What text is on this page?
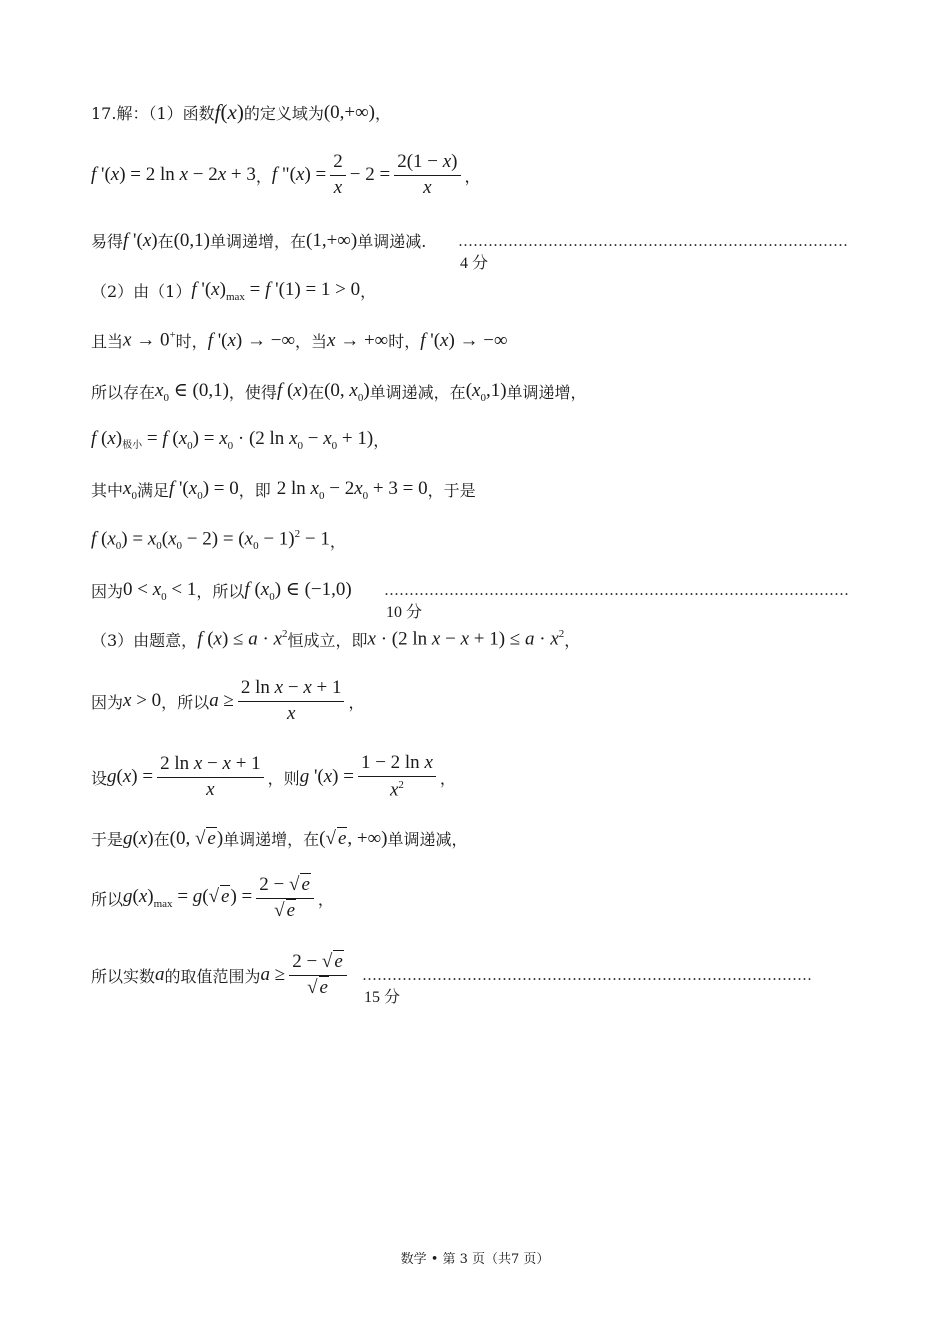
17.解：（1）函数 f(x) 的定义域为 (0,+∞) ，
f '(x) = 2 ln x − 2x + 3 ， f "$(x) = \frac{2}{x} - 2 = \frac{2(1 - x)}{x}$ ，
易得 f '(x) 在 (0,1) 单调递增，在 (1,+∞) 单调递减. ……………………………………………………………………4 分
（2）由（1） f '$(x)_{max} = f$ '(1) = 1 > 0 ，
且当 x → 0+ 时， f '(x) → −∞ ，当 x → +∞ 时， f '(x) → −∞
所以存在 $x_0$ ∈ (0,1) ，使得 f (x) 在 (0, $x_0$) 单调递减，在 $(x_0,1)$ 单调递增，
f $(x)_{极小} = f$ $(x_0) = x_0 \cdot (2$ $\ln x_0 - x_0 + 1$) ，
其中 $x_0$ 满足 f '$(x_0) = 0$ ，即 2 $\ln x_0 - 2x_0 + 3 = 0$ ，于是
f $(x_0) = x_0(x_0 - 2) = (x_0 - 1)^2 - 1$ ，
因为 $0 < x_0 < 1$ ，所以 f $(x_0)$ ∈ (−1,0) …………………………………………………………………………………10 分
（3）由题意， f $(x) \le a \cdot x^2$ 恒成立，即 x · (2 $\ln x - x + 1) \le a \cdot x^2$ ，
因为 x > 0 ，所以 $a \ge \frac{\text{2 ln x − x + 1}}{x}$ ，
设 $g(x) = \frac{\text{2 ln x − x + 1}}{x}$ ，则 g '$(x) = \frac{\text{1 − 2 ln x}}{x^2}$ ，
于是 g(x) 在 (0, √ e) 单调递增，在 (√ e, +∞) 单调递减，
所以 $g(x)_{max} = g(√$ $e) = \frac{2 - √ e}{√ e}$ ，
所以实数 a 的取值范围为 $a \ge \frac{2 - √ e}{√ e}$ ………………………………………………………………………………15 分
数学 • 第 3 页（共7 页）
